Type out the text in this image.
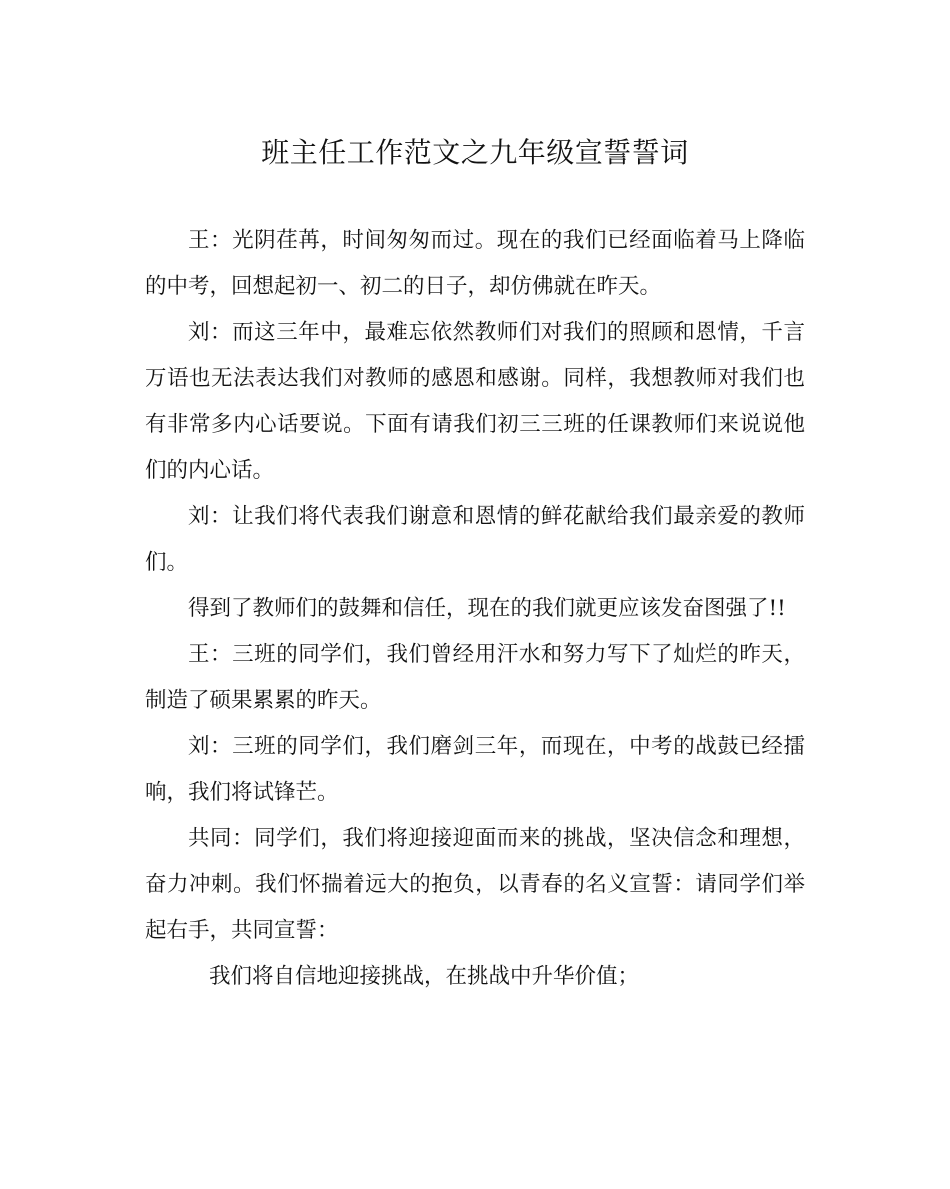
班主任工作范文之九年级宣誓誓词

王：光阴荏苒，时间匆匆而过。现在的我们已经面临着马上降临的中考，回想起初一、初二的日子，却仿佛就在昨天。

刘：而这三年中，最难忘依然教师们对我们的照顾和恩情，千言万语也无法表达我们对教师的感恩和感谢。同样，我想教师对我们也有非常多内心话要说。下面有请我们初三三班的任课教师们来说说他们的内心话。

刘：让我们将代表我们谢意和恩情的鲜花献给我们最亲爱的教师们。

得到了教师们的鼓舞和信任，现在的我们就更应该发奋图强了!!

王：三班的同学们，我们曾经用汗水和努力写下了灿烂的昨天，制造了硕果累累的昨天。

刘：三班的同学们，我们磨剑三年，而现在，中考的战鼓已经擂响，我们将试锋芒。

共同：同学们，我们将迎接迎面而来的挑战，坚决信念和理想，奋力冲刺。我们怀揣着远大的抱负，以青春的名义宣誓：请同学们举起右手，共同宣誓：

我们将自信地迎接挑战，在挑战中升华价值；
